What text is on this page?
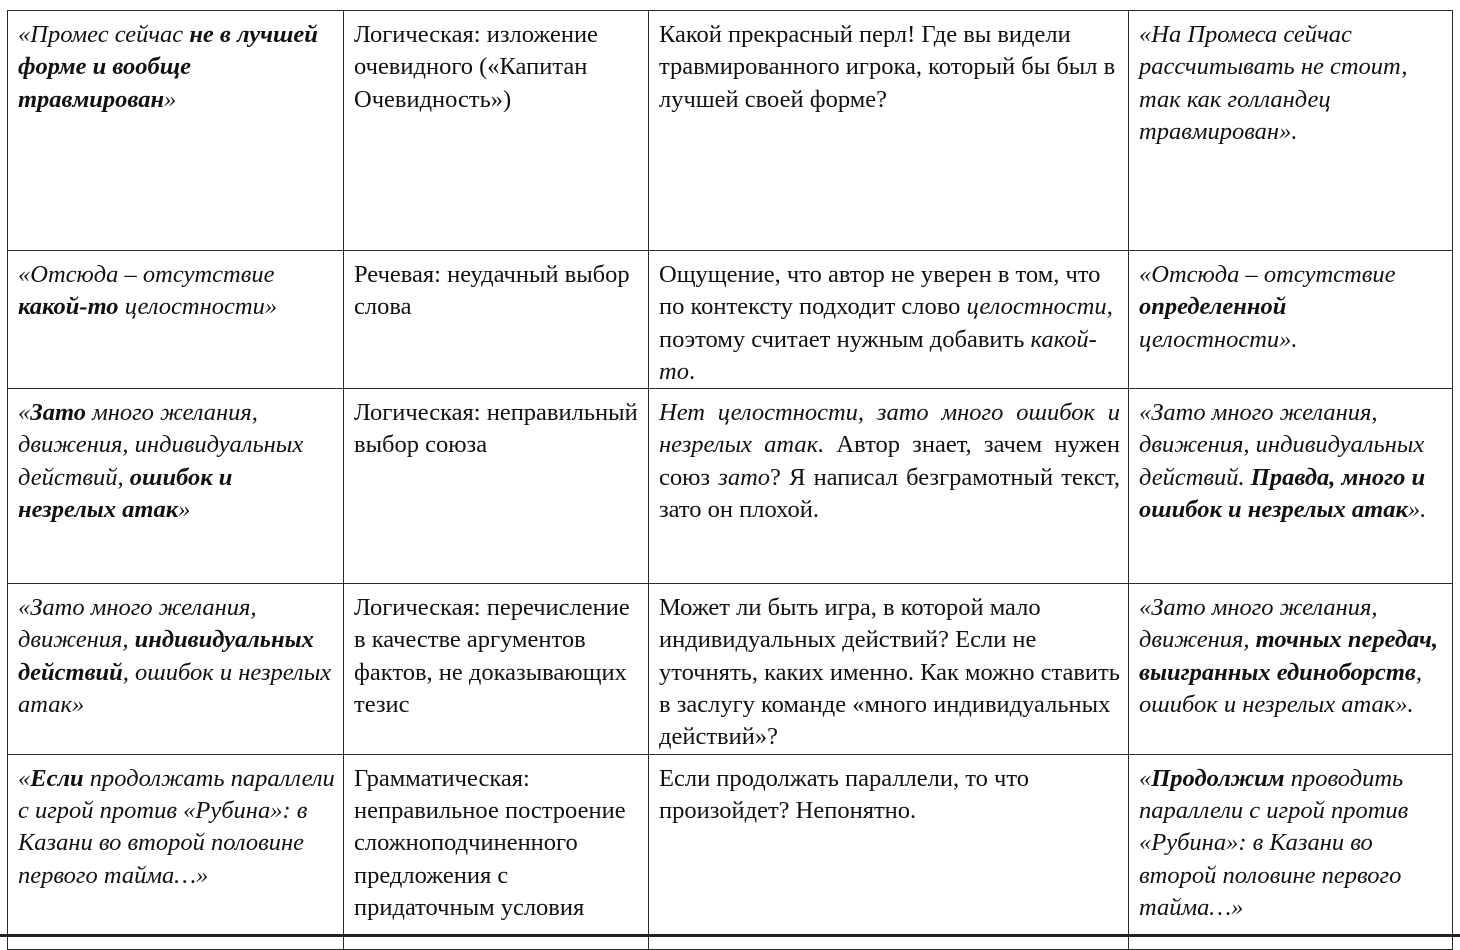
«Промес сейчас не в лучшей форме и вообще травмирован»	Логическая: изложение очевидного («Капитан Очевидность»)	Какой прекрасный перл! Где вы видели травмированного игрока, который бы был в лучшей своей форме?	«На Промеса сейчас рассчитывать не стоит, так как голландец травмирован».
«Отсюда – отсутствие какой-то целостности»	Речевая: неудачный выбор слова	Ощущение, что автор не уверен в том, что по контексту подходит слово целостности, поэтому считает нужным добавить какой-то.	«Отсюда – отсутствие определенной целостности».
«Зато много желания, движения, индивидуальных действий, ошибок и незрелых атак»	Логическая: неправильный выбор союза	Нет целостности, зато много ошибок и незрелых атак. Автор знает, зачем нужен союз зато? Я написал безграмотный текст, зато он плохой.	«Зато много желания, движения, индивидуальных действий. Правда, много и ошибок и незрелых атак».
«Зато много желания, движения, индивидуальных действий, ошибок и незрелых атак»	Логическая: перечисление в качестве аргументов фактов, не доказывающих тезис	Может ли быть игра, в которой мало индивидуальных действий? Если не уточнять, каких именно. Как можно ставить в заслугу команде «много индивидуальных действий»?	«Зато много желания, движения, точных передач, выигранных единоборств, ошибок и незрелых атак».
«Если продолжать параллели с игрой против «Рубина»: в Казани во второй половине первого тайма…»	Грамматическая: неправильное построение сложноподчиненного предложения с придаточным условия	Если продолжать параллели, то что произойдет? Непонятно.	«Продолжим проводить параллели с игрой против «Рубина»: в Казани во второй половине первого тайма…»
